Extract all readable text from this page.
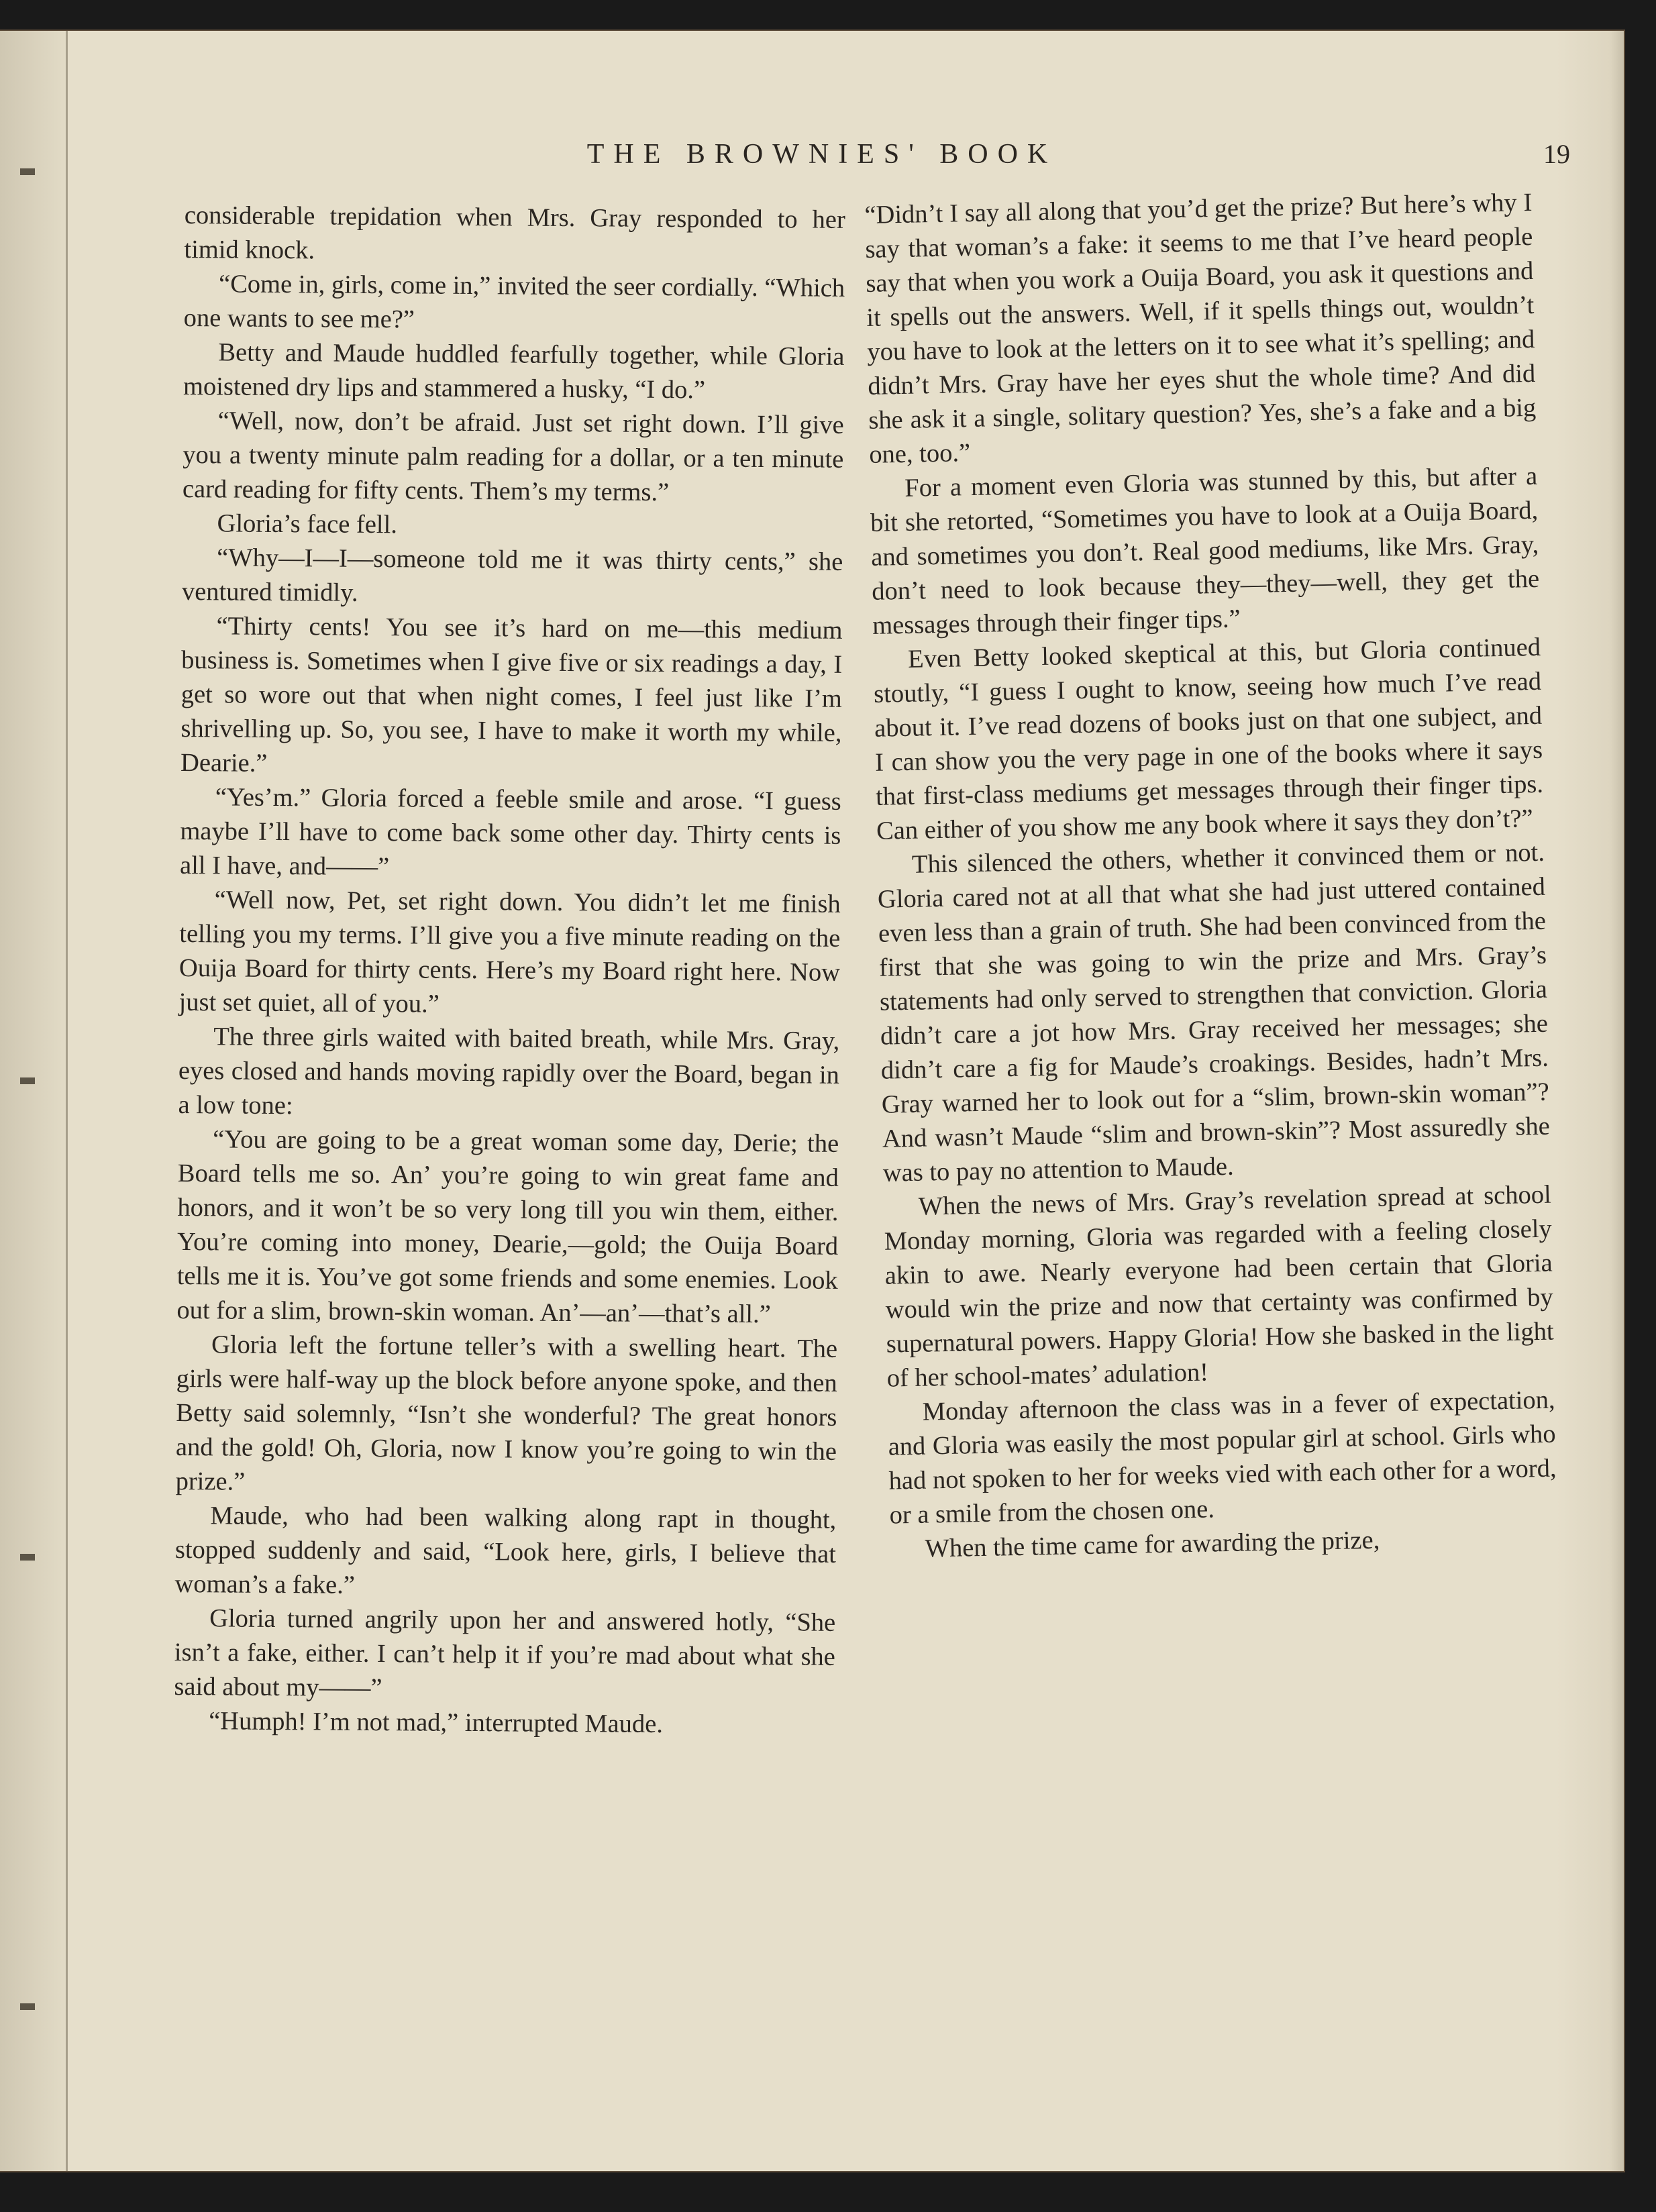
THE BROWNIES' BOOK	19

considerable trepidation when Mrs. Gray responded to her timid knock.

“Come in, girls, come in,” invited the seer cordially. “Which one wants to see me?”

Betty and Maude huddled fearfully together, while Gloria moistened dry lips and stammered a husky, “I do.”

“Well, now, don’t be afraid. Just set right down. I’ll give you a twenty minute palm reading for a dollar, or a ten minute card reading for fifty cents. Them’s my terms.”

Gloria’s face fell.

“Why—I—I—someone told me it was thirty cents,” she ventured timidly.

“Thirty cents! You see it’s hard on me—this medium business is. Sometimes when I give five or six readings a day, I get so wore out that when night comes, I feel just like I’m shrivelling up. So, you see, I have to make it worth my while, Dearie.”

“Yes’m.” Gloria forced a feeble smile and arose. “I guess maybe I’ll have to come back some other day. Thirty cents is all I have, and——”

“Well now, Pet, set right down. You didn’t let me finish telling you my terms. I’ll give you a five minute reading on the Ouija Board for thirty cents. Here’s my Board right here. Now just set quiet, all of you.”

The three girls waited with baited breath, while Mrs. Gray, eyes closed and hands moving rapidly over the Board, began in a low tone:

“You are going to be a great woman some day, Derie; the Board tells me so. An’ you’re going to win great fame and honors, and it won’t be so very long till you win them, either. You’re coming into money, Dearie,—gold; the Ouija Board tells me it is. You’ve got some friends and some enemies. Look out for a slim, brown-skin woman. An’—an’—that’s all.”

Gloria left the fortune teller’s with a swelling heart. The girls were half-way up the block before anyone spoke, and then Betty said solemnly, “Isn’t she wonderful? The great honors and the gold! Oh, Gloria, now I know you’re going to win the prize.”

Maude, who had been walking along rapt in thought, stopped suddenly and said, “Look here, girls, I believe that woman’s a fake.”

Gloria turned angrily upon her and answered hotly, “She isn’t a fake, either. I can’t help it if you’re mad about what she said about my——”

“Humph! I’m not mad,” interrupted Maude.

“Didn’t I say all along that you’d get the prize? But here’s why I say that woman’s a fake: it seems to me that I’ve heard people say that when you work a Ouija Board, you ask it questions and it spells out the answers. Well, if it spells things out, wouldn’t you have to look at the letters on it to see what it’s spelling; and didn’t Mrs. Gray have her eyes shut the whole time? And did she ask it a single, solitary question? Yes, she’s a fake and a big one, too.”

For a moment even Gloria was stunned by this, but after a bit she retorted, “Sometimes you have to look at a Ouija Board, and sometimes you don’t. Real good mediums, like Mrs. Gray, don’t need to look because they—they—well, they get the messages through their finger tips.”

Even Betty looked skeptical at this, but Gloria continued stoutly, “I guess I ought to know, seeing how much I’ve read about it. I’ve read dozens of books just on that one subject, and I can show you the very page in one of the books where it says that first-class mediums get messages through their finger tips. Can either of you show me any book where it says they don’t?”

This silenced the others, whether it convinced them or not. Gloria cared not at all that what she had just uttered contained even less than a grain of truth. She had been convinced from the first that she was going to win the prize and Mrs. Gray’s statements had only served to strengthen that conviction. Gloria didn’t care a jot how Mrs. Gray received her messages; she didn’t care a fig for Maude’s croakings. Besides, hadn’t Mrs. Gray warned her to look out for a “slim, brown-skin woman”? And wasn’t Maude “slim and brown-skin”? Most assuredly she was to pay no attention to Maude.

When the news of Mrs. Gray’s revelation spread at school Monday morning, Gloria was regarded with a feeling closely akin to awe. Nearly everyone had been certain that Gloria would win the prize and now that certainty was confirmed by supernatural powers. Happy Gloria! How she basked in the light of her school-mates’ adulation!

Monday afternoon the class was in a fever of expectation, and Gloria was easily the most popular girl at school. Girls who had not spoken to her for weeks vied with each other for a word, or a smile from the chosen one.

When the time came for awarding the prize,
